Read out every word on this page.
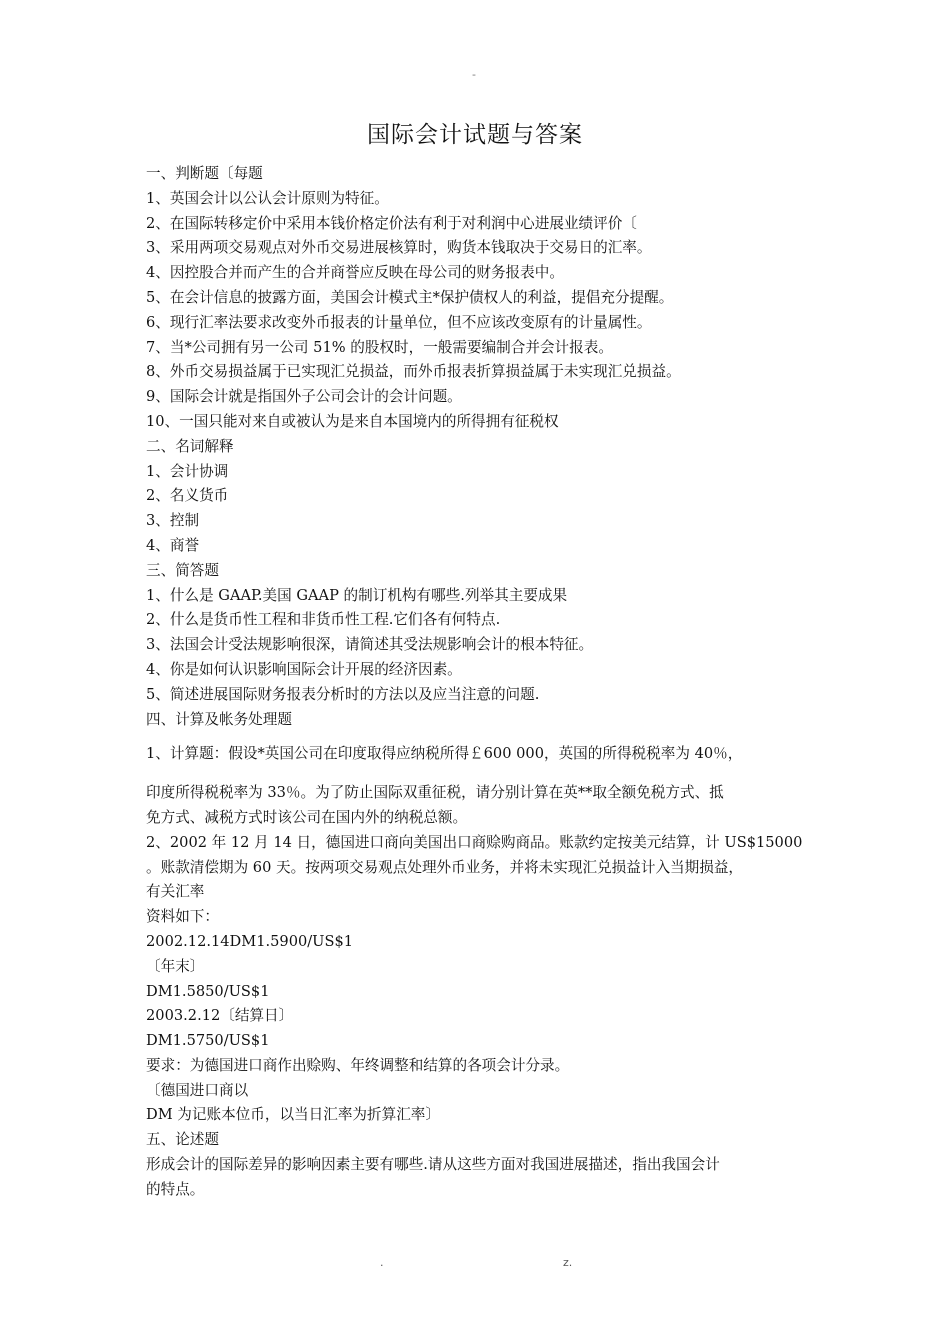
-
国际会计试题与答案
一、判断题〔每题
1、英国会计以公认会计原则为特征。
2、在国际转移定价中采用本钱价格定价法有利于对利润中心进展业绩评价〔
3、采用两项交易观点对外币交易进展核算时，购货本钱取决于交易日的汇率。
4、因控股合并而产生的合并商誉应反映在母公司的财务报表中。
5、在会计信息的披露方面，美国会计模式主*保护债权人的利益，提倡充分提醒。
6、现行汇率法要求改变外币报表的计量单位，但不应该改变原有的计量属性。
7、当*公司拥有另一公司 51% 的股权时，一般需要编制合并会计报表。
8、外币交易损益属于已实现汇兑损益，而外币报表折算损益属于未实现汇兑损益。
9、国际会计就是指国外子公司会计的会计问题。
10、一国只能对来自或被认为是来自本国境内的所得拥有征税权
二、名词解释
1、会计协调
2、名义货币
3、控制
4、商誉
三、简答题
1、什么是 GAAP.美国 GAAP 的制订机构有哪些.列举其主要成果
2、什么是货币性工程和非货币性工程.它们各有何特点.
3、法国会计受法规影响很深，请简述其受法规影响会计的根本特征。
4、你是如何认识影响国际会计开展的经济因素。
5、简述进展国际财务报表分析时的方法以及应当注意的问题.
四、计算及帐务处理题
1、计算题：假设*英国公司在印度取得应纳税所得￡600 000，英国的所得税税率为 40％，
印度所得税税率为 33％。为了防止国际双重征税，请分别计算在英**取全额免税方式、抵
免方式、减税方式时该公司在国内外的纳税总额。
2、2002 年 12 月 14 日，德国进口商向美国出口商赊购商品。账款约定按美元结算，计 US$15000
。账款清偿期为 60 天。按两项交易观点处理外币业务，并将未实现汇兑损益计入当期损益，
有关汇率
资料如下：
2002.12.14DM1.5900/US$1
〔年末〕
DM1.5850/US$1
2003.2.12〔结算日〕
DM1.5750/US$1
要求：为德国进口商作出赊购、年终调整和结算的各项会计分录。
〔德国进口商以
DM 为记账本位币，以当日汇率为折算汇率〕
五、论述题
形成会计的国际差异的影响因素主要有哪些.请从这些方面对我国进展描述，指出我国会计
的特点。
.	z.
